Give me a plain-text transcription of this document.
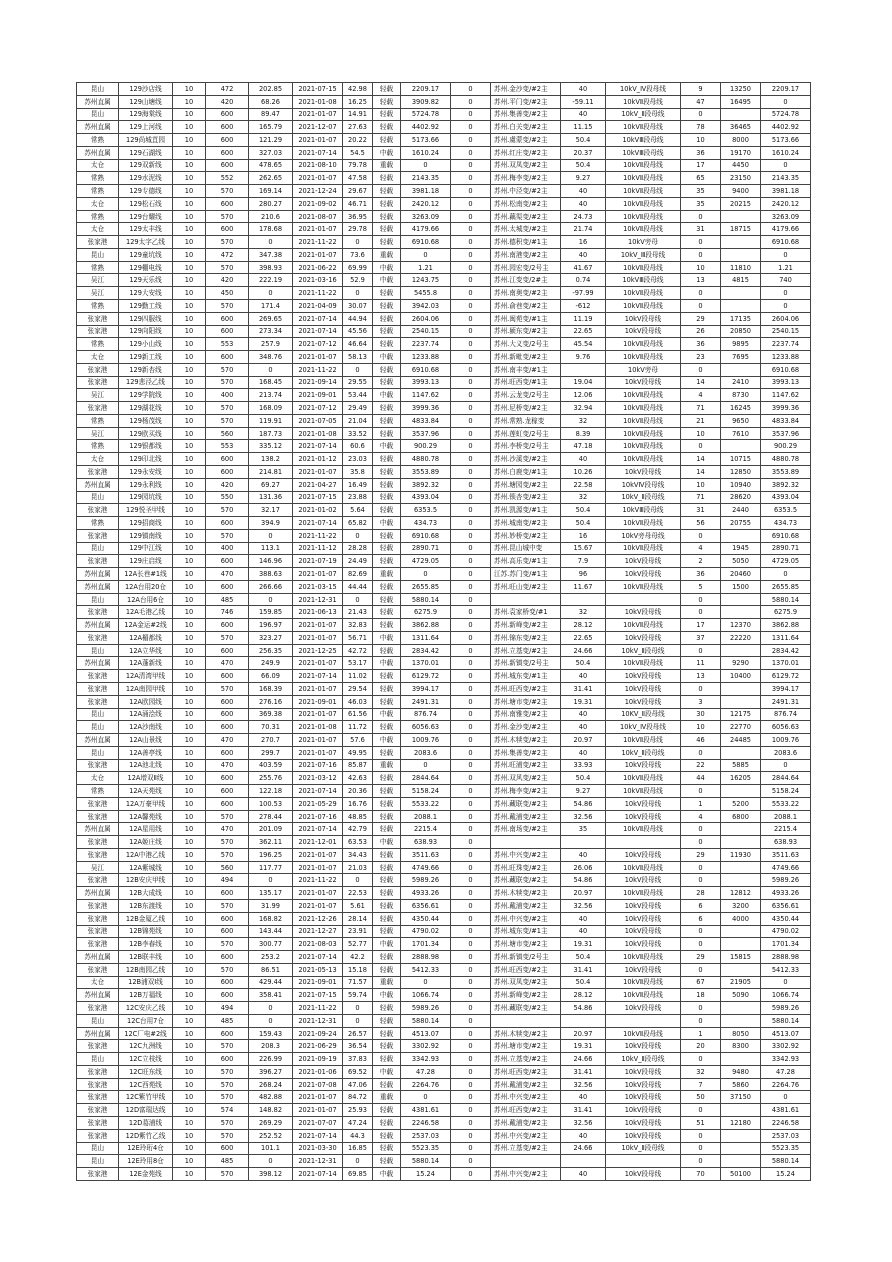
昆山	129沙店线	10	472	202.85	2021-07-15	42.98	轻载	2209.17	0	苏州.金沙变/#2主	40	10kV_Ⅳ段母线	9	13250	2209.17
苏州直属	129山塘线	10	420	68.26	2021-01-08	16.25	轻载	3909.82	0	苏州.平门变/#2主	-59.11	10kVⅡ段母线	47	16495	0
昆山	129海棠线	10	600	89.47	2021-01-07	14.91	轻载	5724.78	0	苏州.集善变/#2主	40	10kV_Ⅱ段母线	0		5724.78
苏州直属	129上河线	10	600	165.79	2021-12-07	27.63	轻载	4402.92	0	苏州.白关变/#2主	11.15	10kVⅡ段母线	78	36465	4402.92
常熟	129尚城苴园	10	600	121.29	2021-01-07	20.22	轻载	5173.66	0	苏州.虞蒙变/#2主	50.4	10kVⅢ段母线	10	8000	5173.66
苏州直属	129石湖线	10	600	327.03	2021-07-14	54.5	中载	1610.24	0	苏州.红庄变/#2主	20.37	10kVⅢ段母线	36	19170	1610.24
太仓	129双新线	10	600	478.65	2021-08-10	79.78	重载	0	0	苏州.双凤变/#2主	50.4	10kVⅡ段母线	17	4450	0
常熟	129水泥线	10	552	262.65	2021-01-07	47.58	轻载	2143.35	0	苏州.梅李变/#2主	9.27	10kVⅡ段母线	65	23150	2143.35
常熟	129专德线	10	570	169.14	2021-12-24	29.67	轻载	3981.18	0	苏州.中泾变/#2主	40	10kVⅡ段母线	35	9400	3981.18
太仓	129松石线	10	600	280.27	2021-09-02	46.71	轻载	2420.12	0	苏州.松南变/#2主	40	10kVⅡ段母线	35	20215	2420.12
常熟	129台耀线	10	570	210.6	2021-08-07	36.95	轻载	3263.09	0	苏州.藕渠变/#2主	24.73	10kVⅡ段母线	0		3263.09
太仓	129太丰线	10	600	178.68	2021-01-07	29.78	轻载	4179.66	0	苏州.太城变/#2主	21.74	10kVⅡ段母线	31	18715	4179.66
张家港	129太字乙线	10	570	0	2021-11-22	0	轻载	6910.68	0	苏州.德积变/#1主	16	10kV旁母	0		6910.68
昆山	129童坑线	10	472	347.38	2021-01-07	73.6	重载	0	0	苏州.南港变/#2主	40	10kV_Ⅲ段母线	0		0
常熟	129棚电线	10	570	398.93	2021-06-22	69.99	中载	1.21	0	苏州.园宏变/2号主	41.67	10kVⅡ段母线	10	11810	1.21
吴江	129天乐线	10	420	222.19	2021-03-16	52.9	中载	1243.75	0	苏州.江变变/2#主	0.74	10kVⅢ段母线	13	4815	740
吴江	129大安线	10	450	0	2021-11-22	0	轻载	5455.8	0	苏州.南奥变/#2主	-97.99	10kVⅡ段母线	0		0
常熟	129勤工线	10	570	171.4	2021-04-09	30.07	轻载	3942.03	0	苏州.俞巷变/#2主	-612	10kVⅡ段母线	0		0
张家港	129四服线	10	600	269.65	2021-07-14	44.94	轻载	2604.06	0	苏州.闽苑变/#1主	11.19	10kV段母线	29	17135	2604.06
张家港	129向阳线	10	600	273.34	2021-07-14	45.56	轻载	2540.15	0	苏州.颍东变/#2主	22.65	10kV段母线	26	20850	2540.15
常熟	129小山线	10	553	257.9	2021-07-12	46.64	轻载	2237.74	0	苏州.大义变/2号主	45.54	10kVⅡ段母线	36	9895	2237.74
太仓	129新工线	10	600	348.76	2021-01-07	58.13	中载	1233.88	0	苏州.新毗变/#2主	9.76	10kVⅡ段母线	23	7695	1233.88
张家港	129新杏线	10	570	0	2021-11-22	0	轻载	6910.68	0	苏州.南丰变/#1主		10kV旁母	0		6910.68
张家港	129悲泾乙线	10	570	168.45	2021-09-14	29.55	轻载	3993.13	0	苏州.旺西变/#1主	19.04	10kV段母线	14	2410	3993.13
吴江	129学院线	10	400	213.74	2021-09-01	53.44	中载	1147.62	0	苏州.云龙变/2号主	12.06	10kVⅡ段母线	4	8730	1147.62
张家港	129湖花线	10	570	168.09	2021-07-12	29.49	轻载	3999.36	0	苏州.尼桥变/#2主	32.94	10kVⅡ段母线	71	16245	3999.36
常熟	129杨茂线	10	570	119.91	2021-07-05	21.04	轻载	4833.84	0	苏州.常熟.龙稼变	32	10kVⅡ段母线	21	9650	4833.84
吴江	129欧买线	10	560	187.73	2021-01-08	33.52	轻载	3537.96	0	苏州.莲虹变/2号主	8.39	10kVⅡ段母线	10	7610	3537.96
常熟	129银都线	10	553	335.12	2021-07-14	60.6	中载	900.29	0	苏州.李桥变/2号主	47.18	10kVⅡ段母线	0		900.29
太仓	129印北线	10	600	138.2	2021-01-12	23.03	轻载	4880.78	0	苏州.沙溪变/#2主	40	10kVⅡ段母线	14	10715	4880.78
张家港	129永安线	10	600	214.81	2021-01-07	35.8	轻载	3553.89	0	苏州.白鹿变/#1主	10.26	10kV段母线	14	12850	3553.89
苏州直属	129永利线	10	420	69.27	2021-04-27	16.49	轻载	3892.32	0	苏州.塘园变/#2主	22.58	10kVⅣ段母线	10	10940	3892.32
昆山	129园坑线	10	550	131.36	2021-07-15	23.88	轻载	4393.04	0	苏州.锁杏变/#2主	32	10kV_Ⅱ段母线	71	28620	4393.04
张家港	129悦圣甲线	10	570	32.17	2021-01-02	5.64	轻载	6353.5	0	苏州.凯源变/#1主	50.4	10kVⅢ段母线	31	2440	6353.5
常熟	129招商线	10	600	394.9	2021-07-14	65.82	中载	434.73	0	苏州.城南变/#2主	50.4	10kVⅡ段母线	56	20755	434.73
张家港	129镇南线	10	570	0	2021-11-22	0	轻载	6910.68	0	苏州.妙桥变/#2主	16	10kV旁母母线	0		6910.68
昆山	129中江线	10	400	113.1	2021-11-12	28.28	轻载	2890.71	0	苏州.昆山城中变	15.67	10kVⅡ段母线	4	1945	2890.71
张家港	129庄启线	10	600	146.96	2021-07-19	24.49	轻载	4729.05	0	苏州.高乐变/#1主	7.9	10kV段母线	2	5050	4729.05
苏州直属	12A长巷#1线	10	470	388.63	2021-01-07	82.69	重载	0	0	江苏.苏门变/#1主	96	10kV段母线	36	20460	0
苏州直属	12A台用20仓	10	600	266.66	2021-03-15	44.44	轻载	2655.85	0	苏州.旺山变/#2主	11.67	10kVⅡ段母线	5	1500	2655.85
昆山	12A台用6仓	10	485	0	2021-12-31	0	轻载	5880.14	0				0		5880.14
张家港	12A毛港乙线	10	746	159.85	2021-06-13	21.43	轻载	6275.9	0	苏州.袁家桥变/#1	32	10kV段母线	0		6275.9
苏州直属	12A金运#2线	10	600	196.97	2021-01-07	32.83	轻载	3862.88	0	苏州.新峰变/#2主	28.12	10kVⅡ段母线	17	12370	3862.88
张家港	12A楣都线	10	570	323.27	2021-01-07	56.71	中载	1311.64	0	苏州.锦东变/#2主	22.65	10kV段母线	37	22220	1311.64
昆山	12A立华线	10	600	256.35	2021-12-25	42.72	轻载	2834.42	0	苏州.立基变/#2主	24.66	10kV_Ⅱ段母线	0		2834.42
苏州直属	12A蓬新线	10	470	249.9	2021-01-07	53.17	中载	1370.01	0	苏州.新镇变/2号主	50.4	10kVⅡ段母线	11	9290	1370.01
张家港	12A清湾甲线	10	600	66.09	2021-07-14	11.02	轻载	6129.72	0	苏州.城东变/#1主	40	10kV段母线	13	10400	6129.72
张家港	12A南园甲线	10	570	168.39	2021-01-07	29.54	轻载	3994.17	0	苏州.旺西变/#2主	31.41	10kV段母线	0		3994.17
张家港	12A欧园线	10	600	276.16	2021-09-01	46.03	轻载	2491.31	0	苏州.塘市变/#2主	19.31	10kV段母线	3		2491.31
昆山	12A涌浍线	10	600	369.38	2021-01-07	61.56	中载	876.74	0	苏州.南雅变/#2主	40	10KV_Ⅱ段母线	30	12175	876.74
昆山	12A沙南线	10	600	70.31	2021-01-08	11.72	轻载	6056.63	0	苏州.金沙变/#2主	40	10kV_Ⅳ段母线	10	22770	6056.63
苏州直属	12A山景线	10	470	270.7	2021-01-07	57.6	中载	1009.76	0	苏州.木犊变/#2主	20.97	10kVⅡ段母线	46	24485	1009.76
昆山	12A善亭线	10	600	299.7	2021-01-07	49.95	轻载	2083.6	0	苏州.集善变/#2主	40	10kV_Ⅱ段母线	0		2083.6
张家港	12A池北线	10	470	403.59	2021-07-16	85.87	重载	0	0	苏州.旺浦变/#2主	33.93	10kV段母线	22	5885	0
太仓	12A增双Ⅱ线	10	600	255.76	2021-03-12	42.63	轻载	2844.64	0	苏州.双风变/#2主	50.4	10kVⅡ段母线	44	16205	2844.64
常熟	12A天苑线	10	600	122.18	2021-07-14	20.36	轻载	5158.24	0	苏州.梅李变/#2主	9.27	10kVⅡ段母线	0		5158.24
张家港	12A万豪甲线	10	600	100.53	2021-05-29	16.76	轻载	5533.22	0	苏州.藏联变/#2主	54.86	10kV段母线	1	5200	5533.22
张家港	12A馨苑线	10	570	278.44	2021-07-16	48.85	轻载	2088.1	0	苏州.戴浦变/#2主	32.56	10kV段母线	4	6800	2088.1
苏州直属	12A星用线	10	470	201.09	2021-07-14	42.79	轻载	2215.4	0	苏州.南场变/#2主	35	10kVⅡ段母线	0		2215.4
张家港	12A姬庄线	10	570	362.11	2021-12-01	63.53	中载	638.93	0				0		638.93
张家港	12A中港乙线	10	570	196.25	2021-01-07	34.43	轻载	3511.63	0	苏州.中兴变/#2主	40	10kV段母线	29	11930	3511.63
吴江	12A紫城线	10	560	117.77	2021-01-07	21.03	轻载	4749.66	0	苏州.旺珠变/#2主	26.06	10kVⅡ段母线	0		4749.66
张家港	12B安庆甲线	10	494	0	2021-11-22	0	轻载	5989.26	0	苏州.藏联变/#2主	54.86	10kV段母线	0		5989.26
苏州直属	12B大成线	10	600	135.17	2021-01-07	22.53	轻载	4933.26	0	苏州.木犊变/#2主	20.97	10kVⅡ段母线	28	12812	4933.26
张家港	12B东渡线	10	570	31.99	2021-01-07	5.61	轻载	6356.61	0	苏州.戴浦变/#2主	32.56	10kV段母线	6	3200	6356.61
张家港	12B金厦乙线	10	600	168.82	2021-12-26	28.14	轻载	4350.44	0	苏州.中兴变/#2主	40	10kV段母线	6	4000	4350.44
张家港	12B锦苑线	10	600	143.44	2021-12-27	23.91	轻载	4790.02	0	苏州.城东变/#1主	40	10kV段母线	0		4790.02
张家港	12B李春线	10	570	300.77	2021-08-03	52.77	中载	1701.34	0	苏州.塘市变/#2主	19.31	10kV段母线	0		1701.34
苏州直属	12B联丰线	10	600	253.2	2021-07-14	42.2	轻载	2888.98	0	苏州.新镇变/2号主	50.4	10kVⅡ段母线	29	15815	2888.98
张家港	12B南园乙线	10	570	86.51	2021-05-13	15.18	轻载	5412.33	0	苏州.旺西变/#2主	31.41	10kV段母线	0		5412.33
太仓	12B浦双Ⅰ线	10	600	429.44	2021-09-01	71.57	重载	0	0	苏州.双凤变/#2主	50.4	10kVⅡ段母线	67	21905	0
苏州直属	12B万福线	10	600	358.41	2021-07-15	59.74	中载	1066.74	0	苏州.新峰变/#2主	28.12	10kVⅡ段母线	18	5090	1066.74
张家港	12C安庆乙线	10	494	0	2021-11-22	0	轻载	5989.26	0	苏州.藏联变/#2主	54.86	10kV段母线	0		5989.26
昆山	12C台用7仓	10	485	0	2021-12-31	0	轻载	5880.14	0				0		5880.14
苏州直属	12C厂电#2线	10	600	159.43	2021-09-24	26.57	轻载	4513.07	0	苏州.木犊变/#2主	20.97	10kVⅡ段母线	1	8050	4513.07
张家港	12C九洲线	10	570	208.3	2021-06-29	36.54	轻载	3302.92	0	苏州.塘市变/#2主	19.31	10kV段母线	20	8300	3302.92
昆山	12C立枝线	10	600	226.99	2021-09-19	37.83	轻载	3342.93	0	苏州.立基变/#2主	24.66	10kV_Ⅱ段母线	0		3342.93
张家港	12C旺东线	10	570	396.27	2021-01-06	69.52	中载	47.28	0	苏州.旺西变/#2主	31.41	10kV段母线	32	9480	47.28
张家港	12C西苑线	10	570	268.24	2021-07-08	47.06	轻载	2264.76	0	苏州.戴浦变/#2主	32.56	10kV段母线	7	5860	2264.76
张家港	12C紫竹甲线	10	570	482.88	2021-01-07	84.72	重载	0	0	苏州.中兴变/#2主	40	10kV段母线	50	37150	0
张家港	12D富瑞达线	10	574	148.82	2021-01-07	25.93	轻载	4381.61	0	苏州.旺西变/#2主	31.41	10kV段母线	0		4381.61
张家港	12D葛浦线	10	570	269.29	2021-07-07	47.24	轻载	2246.58	0	苏州.戴浦变/#2主	32.56	10kV段母线	51	12180	2246.58
张家港	12D紫竹乙线	10	570	252.52	2021-07-14	44.3	轻载	2537.03	0	苏州.中兴变/#2主	40	10kV段母线	0		2537.03
昆山	12E玲珩4仓	10	600	101.1	2021-03-30	16.85	轻载	5523.35	0	苏州.立基变/#2主	24.66	10kV_Ⅱ段母线	0		5523.35
昆山	12E玲用8仓	10	485	0	2021-12-31	0	轻载	5880.14	0				0		5880.14
张家港	12E金苑线	10	570	398.12	2021-07-14	69.85	中载	15.24	0	苏州.中兴变/#2主	40	10kV段母线	70	50100	15.24
